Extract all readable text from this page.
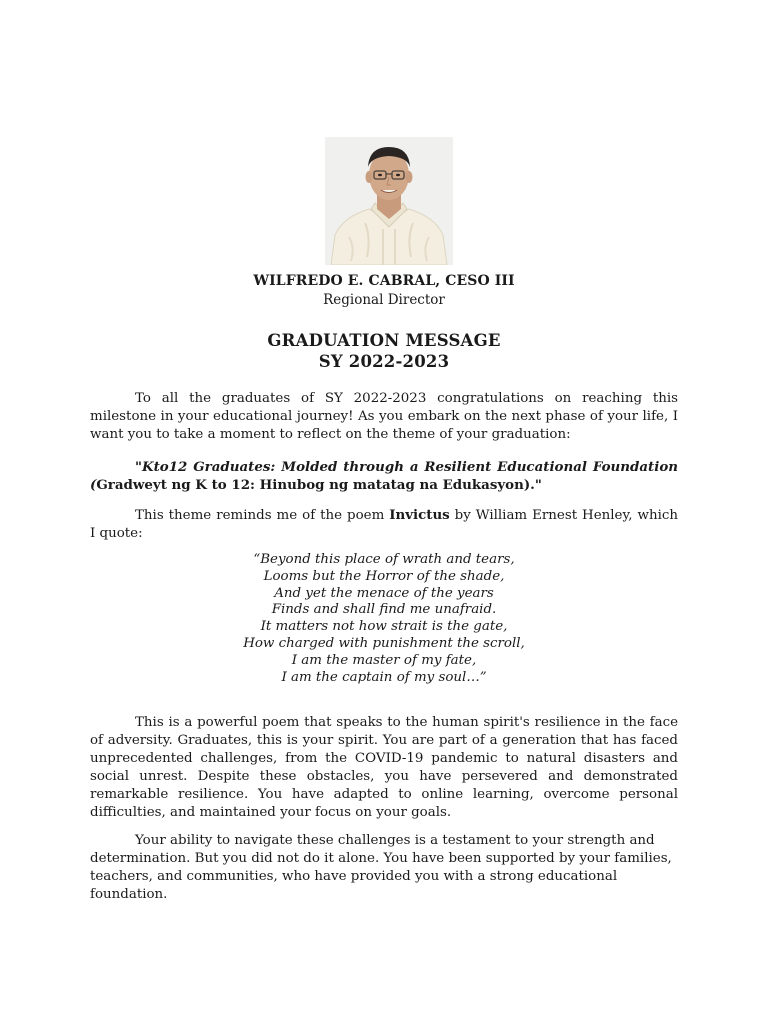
WILFREDO E. CABRAL, CESO III
Regional Director
GRADUATION MESSAGE
SY 2022-2023

To all the graduates of SY 2022-2023 congratulations on reaching this milestone in your educational journey! As you embark on the next phase of your life, I want you to take a moment to reflect on the theme of your graduation:

"Kto12 Graduates: Molded through a Resilient Educational Foundation (Gradweyt ng K to 12: Hinubog ng matatag na Edukasyon)."

This theme reminds me of the poem Invictus by William Ernest Henley, which I quote:

“Beyond this place of wrath and tears,
Looms but the Horror of the shade,
And yet the menace of the years
Finds and shall find me unafraid.
It matters not how strait is the gate,
How charged with punishment the scroll,
I am the master of my fate,
I am the captain of my soul…”

This is a powerful poem that speaks to the human spirit's resilience in the face of adversity. Graduates, this is your spirit. You are part of a generation that has faced unprecedented challenges, from the COVID-19 pandemic to natural disasters and social unrest. Despite these obstacles, you have persevered and demonstrated remarkable resilience. You have adapted to online learning, overcome personal difficulties, and maintained your focus on your goals.

Your ability to navigate these challenges is a testament to your strength and determination. But you did not do it alone. You have been supported by your families, teachers, and communities, who have provided you with a strong educational foundation.
